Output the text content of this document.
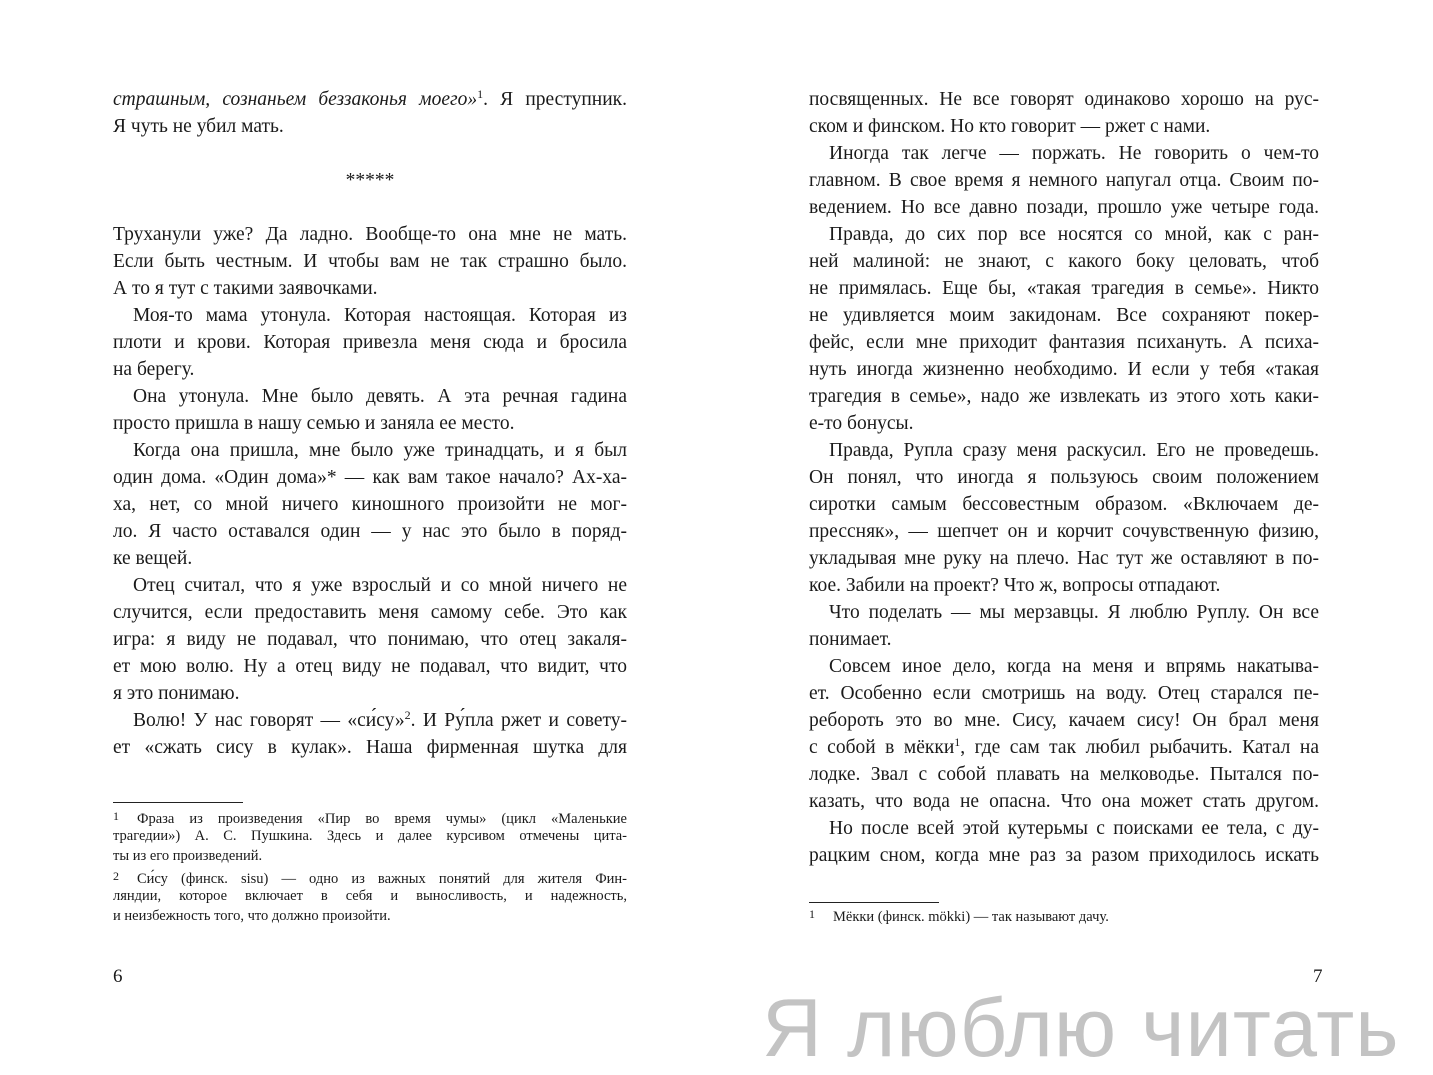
страшным, сознаньем беззаконья моего»$^1$. Я преступник.
Я чуть не убил мать.
*****
Труханули уже? Да ладно. Вообще-то она мне не мать.
Если быть честным. И чтобы вам не так страшно было.
А то я тут с такими заявочками.
Моя-то мама утонула. Которая настоящая. Которая из
плоти и крови. Которая привезла меня сюда и бросила
на берегу.
Она утонула. Мне было девять. А эта речная гадина
просто пришла в нашу семью и заняла ее место.
Когда она пришла, мне было уже тринадцать, и я был
один дома. «Один дома»* — как вам такое начало? Ах-ха-
ха, нет, со мной ничего киношного произойти не мог-
ло. Я часто оставался один — у нас это было в поряд-
ке вещей.
Отец считал, что я уже взрослый и со мной ничего не
случится, если предоставить меня самому себе. Это как
игра: я виду не подавал, что понимаю, что отец закаля-
ет мою волю. Ну а отец виду не подавал, что видит, что
я это понимаю.
Волю! У нас говорят — «си́су»$^2$. И Ру́пла ржет и совету-
ет «сжать сису в кулак». Наша фирменная шутка для
1 Фраза из произведения «Пир во время чумы» (цикл «Маленькие
трагедии») А. С. Пушкина. Здесь и далее курсивом отмечены цита-
ты из его произведений.
2 Си́су (финск. sisu) — одно из важных понятий для жителя Фин-
ляндии, которое включает в себя и выносливость, и надежность,
и неизбежность того, что должно произойти.
6
посвященных. Не все говорят одинаково хорошо на рус-
ском и финском. Но кто говорит — ржет с нами.
Иногда так легче — поржать. Не говорить о чем-то
главном. В свое время я немного напугал отца. Своим по-
ведением. Но все давно позади, прошло уже четыре года.
Правда, до сих пор все носятся со мной, как с ран-
ней малиной: не знают, с какого боку целовать, чтоб
не примялась. Еще бы, «такая трагедия в семье». Никто
не удивляется моим закидонам. Все сохраняют покер-
фейс, если мне приходит фантазия психануть. А психа-
нуть иногда жизненно необходимо. И если у тебя «такая
трагедия в семье», надо же извлекать из этого хоть каки-
е-то бонусы.
Правда, Рупла сразу меня раскусил. Его не проведешь.
Он понял, что иногда я пользуюсь своим положением
сиротки самым бессовестным образом. «Включаем де-
прессняк», — шепчет он и корчит сочувственную физию,
укладывая мне руку на плечо. Нас тут же оставляют в по-
кое. Забили на проект? Что ж, вопросы отпадают.
Что поделать — мы мерзавцы. Я люблю Руплу. Он все
понимает.
Совсем иное дело, когда на меня и впрямь накатыва-
ет. Особенно если смотришь на воду. Отец старался пе-
ребороть это во мне. Сису, качаем сису! Он брал меня
с собой в мёкки$^1$, где сам так любил рыбачить. Катал на
лодке. Звал с собой плавать на мелководье. Пытался по-
казать, что вода не опасна. Что она может стать другом.
Но после всей этой кутерьмы с поисками ее тела, с ду-
рацким сном, когда мне раз за разом приходилось искать
1 Мёкки (финск. mökki) — так называют дачу.
7
Я люблю читать
